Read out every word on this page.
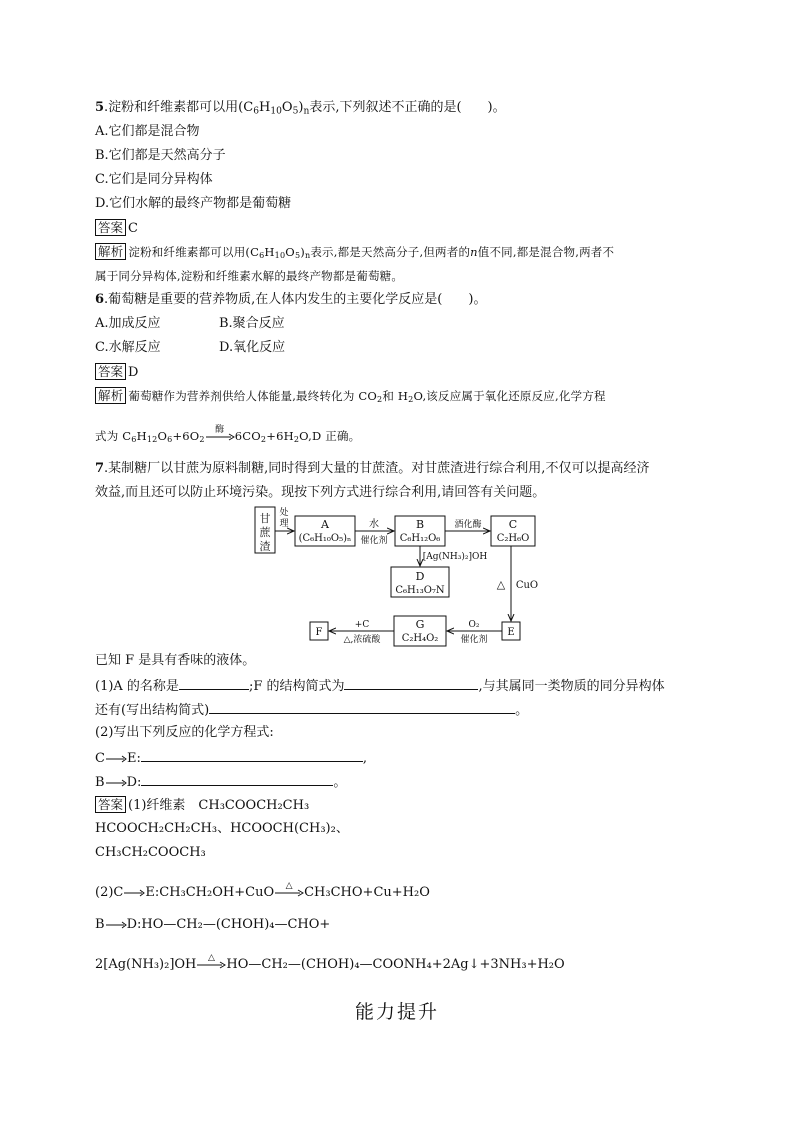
5.淀粉和纤维素都可以用$(C_6H_{10}O_5)_n$表示,下列叙述不正确的是(　　)。
A.它们都是混合物
B.它们都是天然高分子
C.它们是同分异构体
D.它们水解的最终产物都是葡萄糖
答案 C
解析 淀粉和纤维素都可以用$(C_6H_{10}O_5)_n$表示,都是天然高分子,但两者的n值不同,都是混合物,两者不
属于同分异构体,淀粉和纤维素水解的最终产物都是葡萄糖。
6.葡萄糖是重要的营养物质,在人体内发生的主要化学反应是(　　)。
A.加成反应	B.聚合反应
C.水解反应	D.氧化反应
答案 D
解析 葡萄糖作为营养剂供给人体能量,最终转化为 $CO_2$和 $H_2O$,该反应属于氧化还原反应,化学方程
式为 $C_6H_{12}O_6+6O_2$
酶 $6CO_2+6H_2O,D$ 正确。
7.某制糖厂以甘蔗为原料制糖,同时得到大量的甘蔗渣。对甘蔗渣进行综合利用,不仅可以提高经济
效益,而且还可以防止环境污染。现按下列方式进行综合利用,请回答有关问题。
甘
蔗
渣
处
理	A
(C₆H₁₀O₅)ₙ
水
催化剂
B
C₆H₁₂O₆
酒化酶 C
C₂H₆O
[Ag(NH₃)₂]OH
D
C₆H₁₃O₇N	△ CuO
E
O₂
催化剂
G
C₂H₄O₂
+C
△,浓硫酸
F
已知 F 是具有香味的液体。
(1)A 的名称是	;F 的结构简式为	,与其属同一类物质的同分异构体
还有(写出结构简式)	。
(2)写出下列反应的化学方程式:
C→E:	,
B→D:	。
答案 (1)纤维素　CH₃COOCH₂CH₃
HCOOCH₂CH₂CH₃、HCOOCH(CH₃)₂、
CH₃CH₂COOCH₃
(2)C→E:CH₃CH₂OH+CuO	△ CH₃CHO+Cu+H₂O
B→D:HO—CH₂—(CHOH)₄—CHO+
2[Ag(NH₃)₂]OH	△ HO—CH₂—(CHOH)₄—COONH₄+2Ag↓+3NH₃+H₂O
能力提升
